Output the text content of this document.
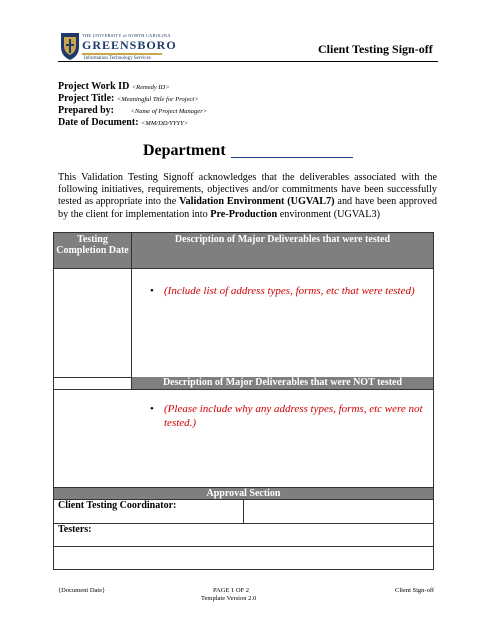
THE UNIVERSITY of NORTH CAROLINA
GREENSBORO
Information Technology Services
Client Testing Sign-off
Project Work ID <Remedy ID>
Project Title: <Meaningful Title for Project>
Prepared by:	<Name of Project Manager>
Date of Document: <MM/DD/YYYY>
Department
This Validation Testing Signoff acknowledges that the deliverables associated with the following initiatives, requirements, objectives and/or commitments have been successfully tested as appropriate into the Validation Environment (UGVAL7) and have been approved by the client for implementation into Pre-Production environment (UGVAL3)
Testing Completion Date
Description of Major Deliverables that were tested
• (Include list of address types, forms, etc that were tested)
Description of Major Deliverables that were NOT tested
• (Please include why any address types, forms, etc were not tested.)
Approval Section
Client Testing Coordinator:
Testers:
{Document Date}	PAGE 1 OF 2
Template Version 2.0
Client Sign-off
